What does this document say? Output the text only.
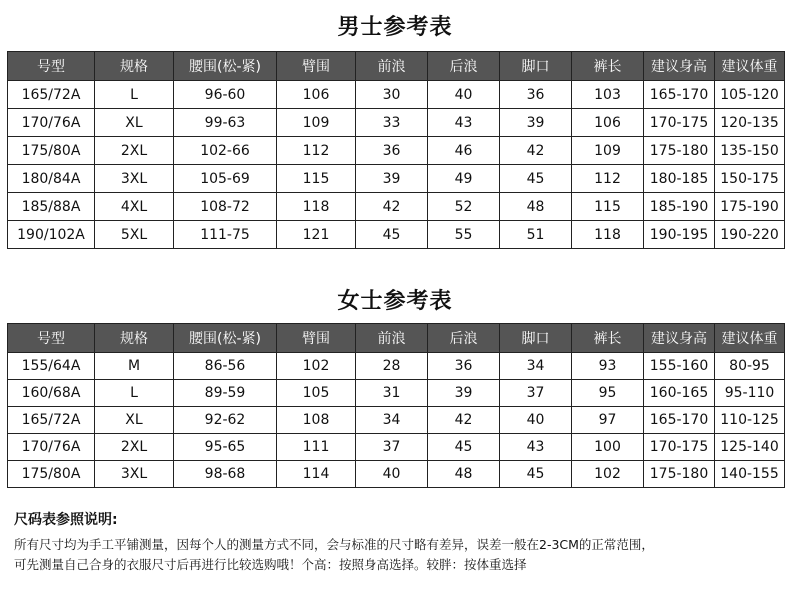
男士参考表
号型	规格	腰围(松-紧)	臂围	前浪	后浪	脚口	裤长	建议身高	建议体重
165/72A	L	96-60	106	30	40	36	103	165-170	105-120
170/76A	XL	99-63	109	33	43	39	106	170-175	120-135
175/80A	2XL	102-66	112	36	46	42	109	175-180	135-150
180/84A	3XL	105-69	115	39	49	45	112	180-185	150-175
185/88A	4XL	108-72	118	42	52	48	115	185-190	175-190
190/102A	5XL	111-75	121	45	55	51	118	190-195	190-220
女士参考表
号型	规格	腰围(松-紧)	臂围	前浪	后浪	脚口	裤长	建议身高	建议体重
155/64A	M	86-56	102	28	36	34	93	155-160	80-95
160/68A	L	89-59	105	31	39	37	95	160-165	95-110
165/72A	XL	92-62	108	34	42	40	97	165-170	110-125
170/76A	2XL	95-65	111	37	45	43	100	170-175	125-140
175/80A	3XL	98-68	114	40	48	45	102	175-180	140-155
尺码表参照说明:
所有尺寸均为手工平铺测量，因每个人的测量方式不同，会与标准的尺寸略有差异，误差一般在2-3CM的正常范围，
可先测量自己合身的衣服尺寸后再进行比较选购哦！个高：按照身高选择。较胖：按体重选择
